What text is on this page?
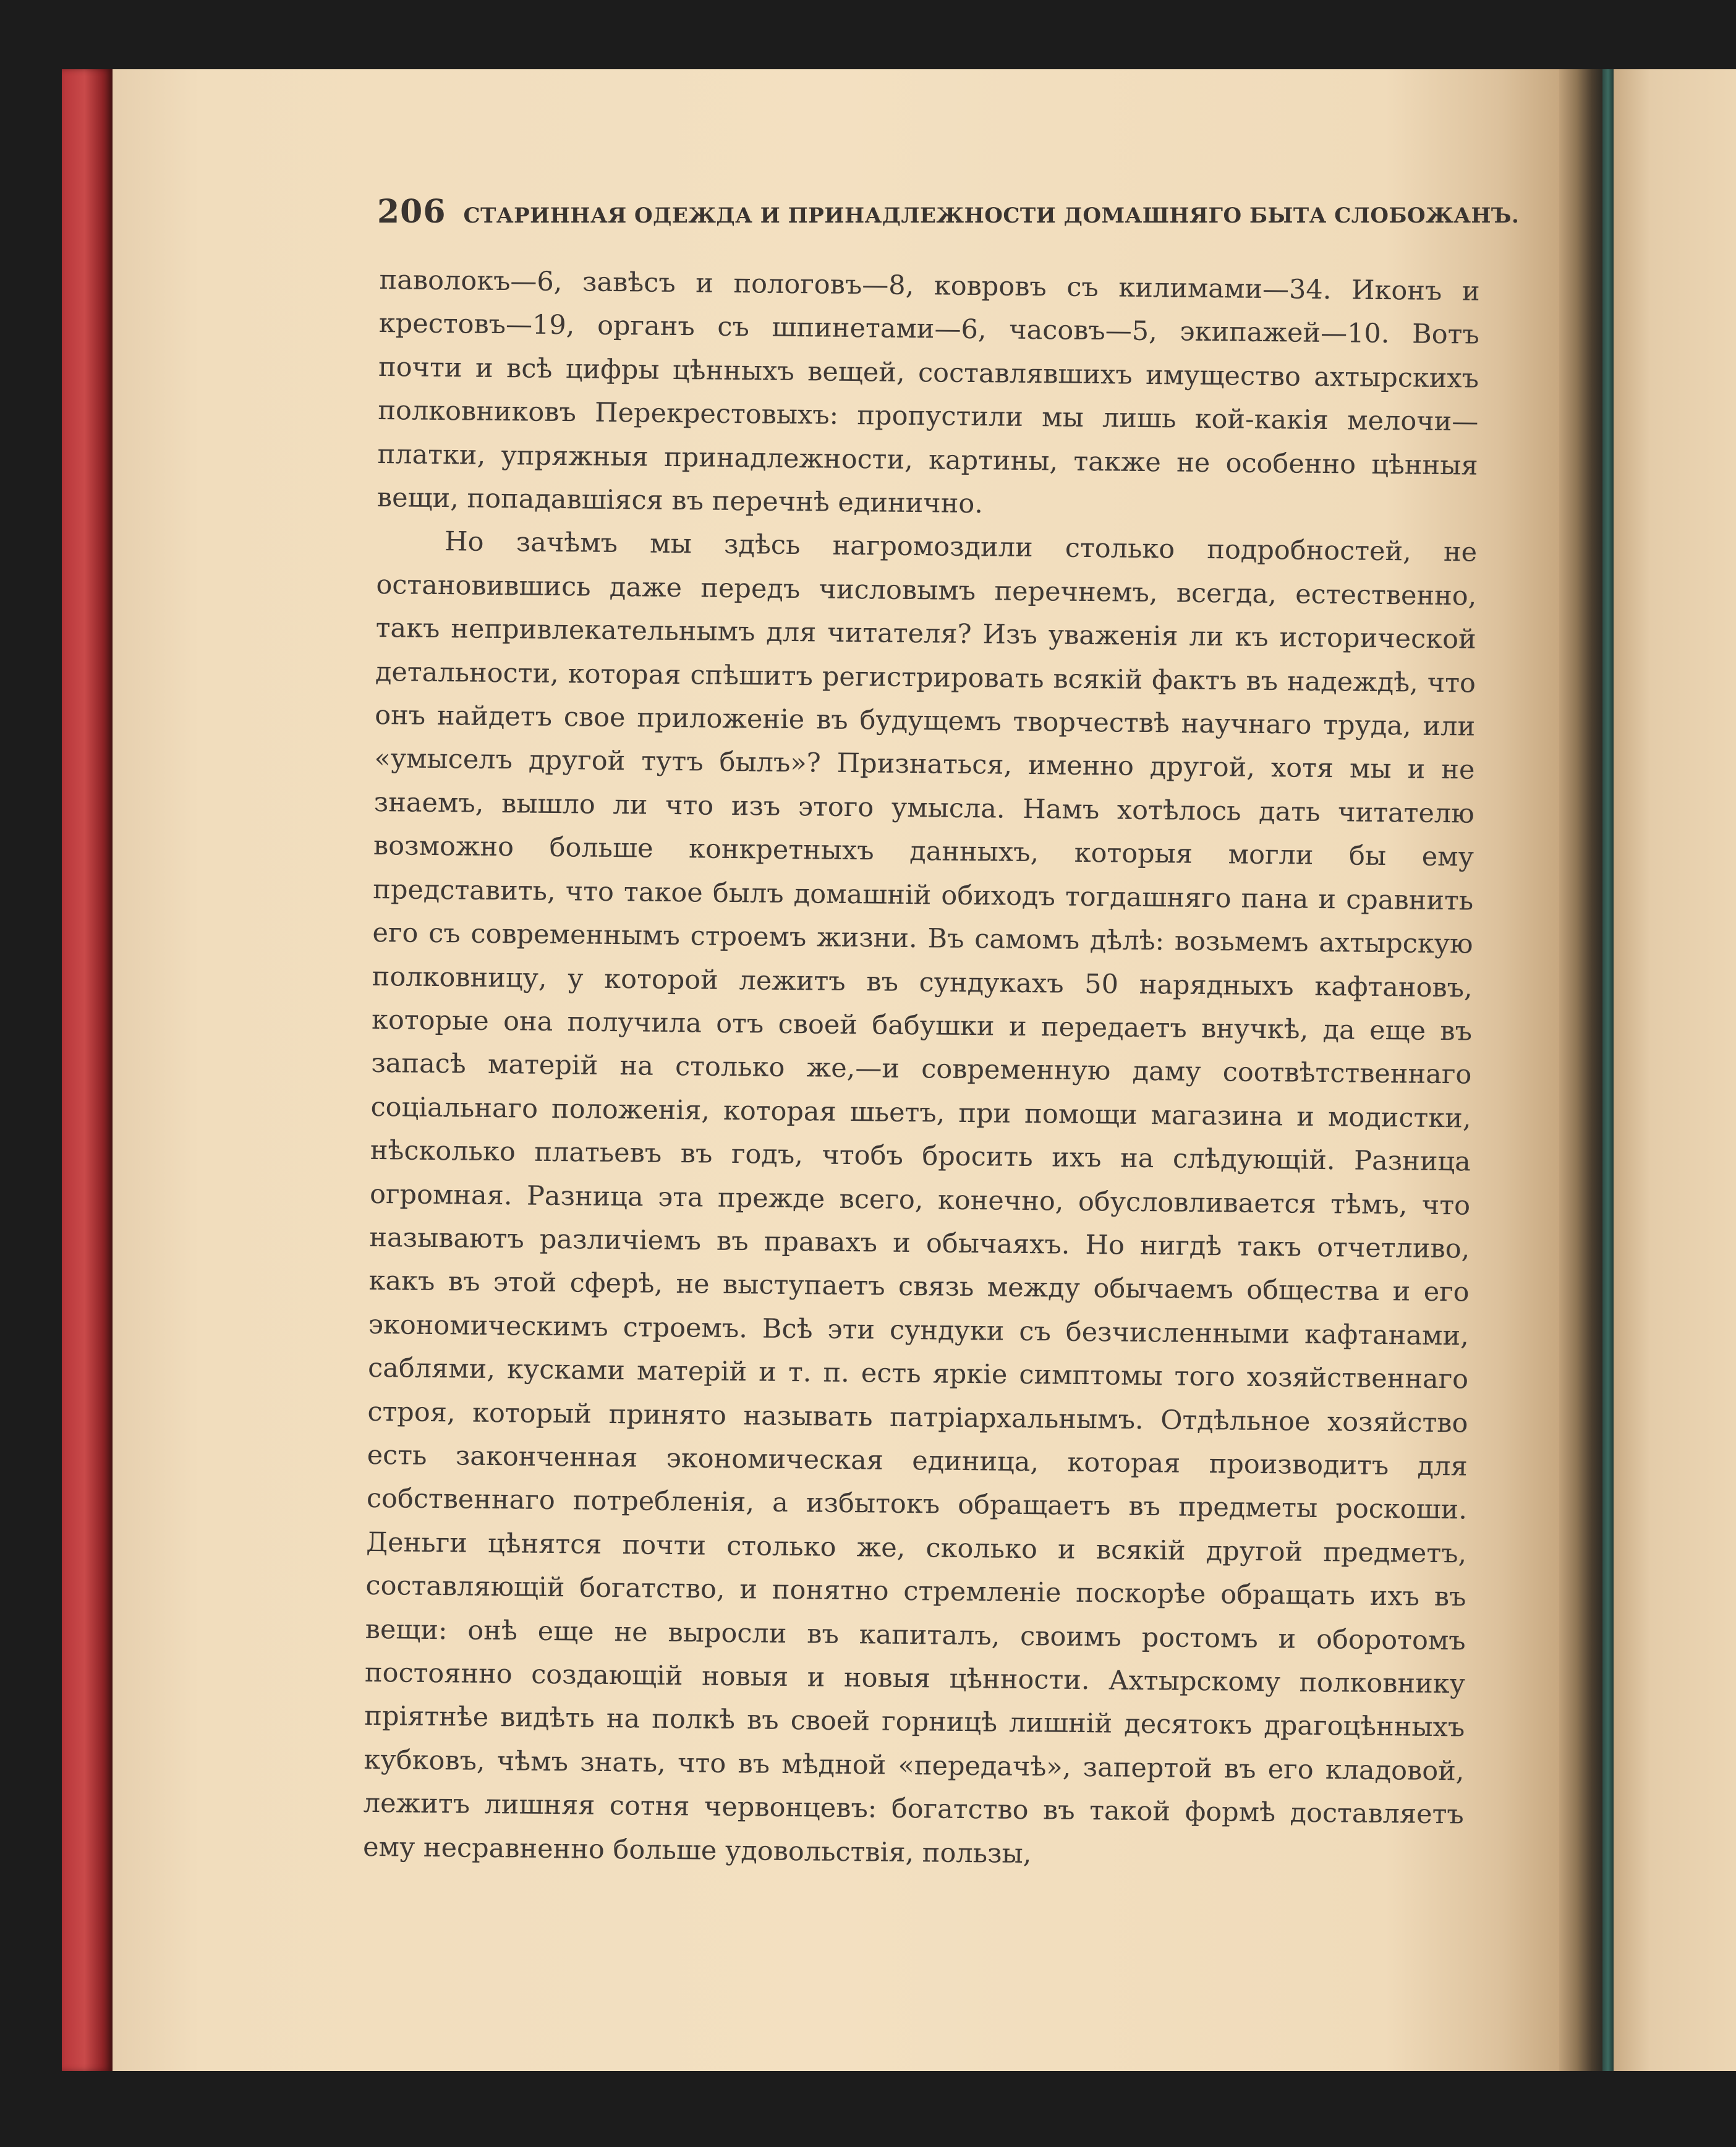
206 СТАРИННАЯ ОДЕЖДА И ПРИНАДЛЕЖНОСТИ ДОМАШНЯГО БЫТА СЛОБОЖАНЪ.

паволокъ—6, завѣсъ и пологовъ—8, ковровъ съ килимами—34. Иконъ и крестовъ—19, органъ съ шпинетами—6, часовъ—5, экипажей—10. Вотъ почти и всѣ цифры цѣнныхъ вещей, составлявшихъ имущество ахтырскихъ полковниковъ Перекрестовыхъ: пропустили мы лишь кой-какія мелочи—платки, упряжныя принадлежности, картины, также не особенно цѣнныя вещи, попадавшіяся въ перечнѣ единично.

Но зачѣмъ мы здѣсь нагромоздили столько подробностей, не остановившись даже передъ числовымъ перечнемъ, всегда, естественно, такъ непривлекательнымъ для читателя? Изъ уваженія ли къ исторической детальности, которая спѣшитъ регистрировать всякій фактъ въ надеждѣ, что онъ найдетъ свое приложеніе въ будущемъ творчествѣ научнаго труда, или «умыселъ другой тутъ былъ»? Признаться, именно другой, хотя мы и не знаемъ, вышло ли что изъ этого умысла. Намъ хотѣлось дать читателю возможно больше конкретныхъ данныхъ, которыя могли бы ему представить, что такое былъ домашній обиходъ тогдашняго пана и сравнить его съ современнымъ строемъ жизни. Въ самомъ дѣлѣ: возьмемъ ахтырскую полковницу, у которой лежитъ въ сундукахъ 50 нарядныхъ кафтановъ, которые она получила отъ своей бабушки и передаетъ внучкѣ, да еще въ запасѣ матерій на столько же,—и современную даму соотвѣтственнаго соціальнаго положенія, которая шьетъ, при помощи магазина и модистки, нѣсколько платьевъ въ годъ, чтобъ бросить ихъ на слѣдующій. Разница огромная. Разница эта прежде всего, конечно, обусловливается тѣмъ, что называютъ различіемъ въ правахъ и обычаяхъ. Но нигдѣ такъ отчетливо, какъ въ этой сферѣ, не выступаетъ связь между обычаемъ общества и его экономическимъ строемъ. Всѣ эти сундуки съ безчисленными кафтанами, саблями, кусками матерій и т. п. есть яркіе симптомы того хозяйственнаго строя, который принято называть патріархальнымъ. Отдѣльное хозяйство есть законченная экономическая единица, которая производитъ для собственнаго потребленія, а избытокъ обращаетъ въ предметы роскоши. Деньги цѣнятся почти столько же, сколько и всякій другой предметъ, составляющій богатство, и понятно стремленіе поскорѣе обращать ихъ въ вещи: онѣ еще не выросли въ капиталъ, своимъ ростомъ и оборотомъ постоянно создающій новыя и новыя цѣнности. Ахтырскому полковнику пріятнѣе видѣть на полкѣ въ своей горницѣ лишній десятокъ драгоцѣнныхъ кубковъ, чѣмъ знать, что въ мѣдной «передачѣ», запертой въ его кладовой, лежитъ лишняя сотня червонцевъ: богатство въ такой формѣ доставляетъ ему несравненно больше удовольствія, пользы,
